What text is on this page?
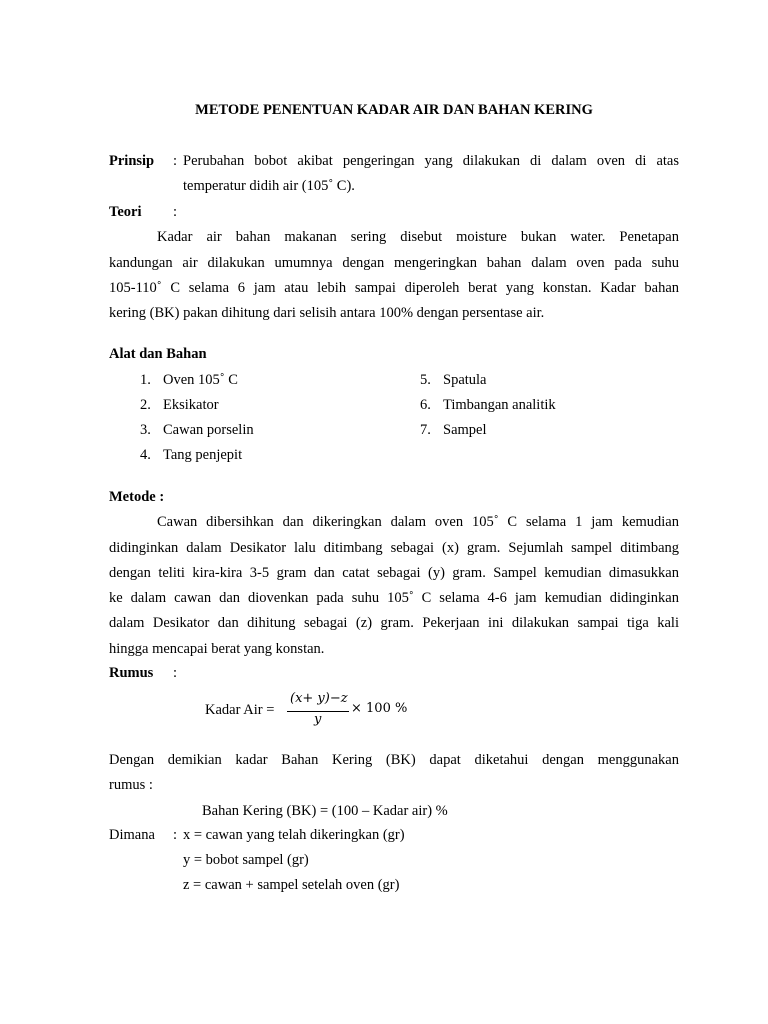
METODE PENENTUAN KADAR AIR DAN BAHAN KERING
Prinsip : Perubahan bobot akibat pengeringan yang dilakukan di dalam oven di atas
temperatur didih air (105˚ C).
Teori :
Kadar air bahan makanan sering disebut moisture bukan water. Penetapan
kandungan air dilakukan umumnya dengan mengeringkan bahan dalam oven pada suhu
105-110˚ C selama 6 jam atau lebih sampai diperoleh berat yang konstan. Kadar bahan
kering (BK) pakan dihitung dari selisih antara 100% dengan persentase air.
Alat dan Bahan
1. Oven 105˚ C
2. Eksikator
3. Cawan porselin
4. Tang penjepit
5. Spatula
6. Timbangan analitik
7. Sampel
Metode :
Cawan dibersihkan dan dikeringkan dalam oven 105˚ C selama 1 jam kemudian
didinginkan dalam Desikator lalu ditimbang sebagai (x) gram. Sejumlah sampel ditimbang
dengan teliti kira-kira 3-5 gram dan catat sebagai (y) gram. Sampel kemudian dimasukkan
ke dalam cawan dan diovenkan pada suhu 105˚ C selama 4-6 jam kemudian didinginkan
dalam Desikator dan dihitung sebagai (z) gram. Pekerjaan ini dilakukan sampai tiga kali
hingga mencapai berat yang konstan.
Rumus :
Kadar Air =
(x+ y)−z
y
× 100 %
Dengan demikian kadar Bahan Kering (BK) dapat diketahui dengan menggunakan
rumus :
Bahan Kering (BK) = (100 – Kadar air) %
Dimana : x = cawan yang telah dikeringkan (gr)
y = bobot sampel (gr)
z = cawan + sampel setelah oven (gr)
